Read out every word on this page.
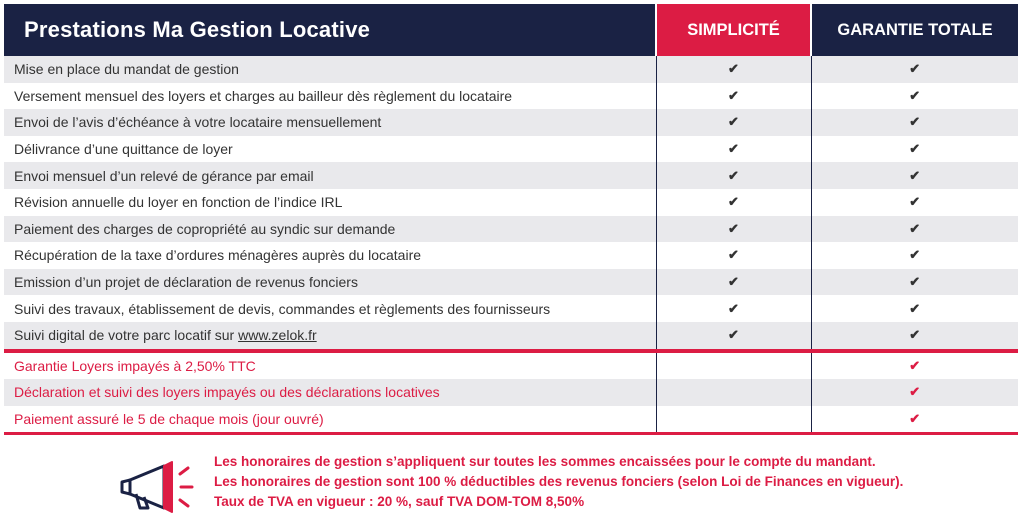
Prestations Ma Gestion Locative	SIMPLICITÉ	GARANTIE TOTALE
Mise en place du mandat de gestion	✔	✔
Versement mensuel des loyers et charges au bailleur dès règlement du locataire	✔	✔
Envoi de l’avis d’échéance à votre locataire mensuellement	✔	✔
Délivrance d’une quittance de loyer	✔	✔
Envoi mensuel d’un relevé de gérance par email	✔	✔
Révision annuelle du loyer en fonction de l’indice IRL	✔	✔
Paiement des charges de copropriété au syndic sur demande	✔	✔
Récupération de la taxe d’ordures ménagères auprès du locataire	✔	✔
Emission d’un projet de déclaration de revenus fonciers	✔	✔
Suivi des travaux, établissement de devis, commandes et règlements des fournisseurs	✔	✔
Suivi digital de votre parc locatif sur www.zelok.fr	✔	✔

Garantie Loyers impayés à 2,50% TTC		✔
Déclaration et suivi des loyers impayés ou des déclarations locatives		✔
Paiement assuré le 5 de chaque mois (jour ouvré)		✔

Les honoraires de gestion s’appliquent sur toutes les sommes encaissées pour le compte du mandant.
Les honoraires de gestion sont 100 % déductibles des revenus fonciers (selon Loi de Finances en vigueur).
Taux de TVA en vigueur : 20 %, sauf TVA DOM-TOM 8,50%
